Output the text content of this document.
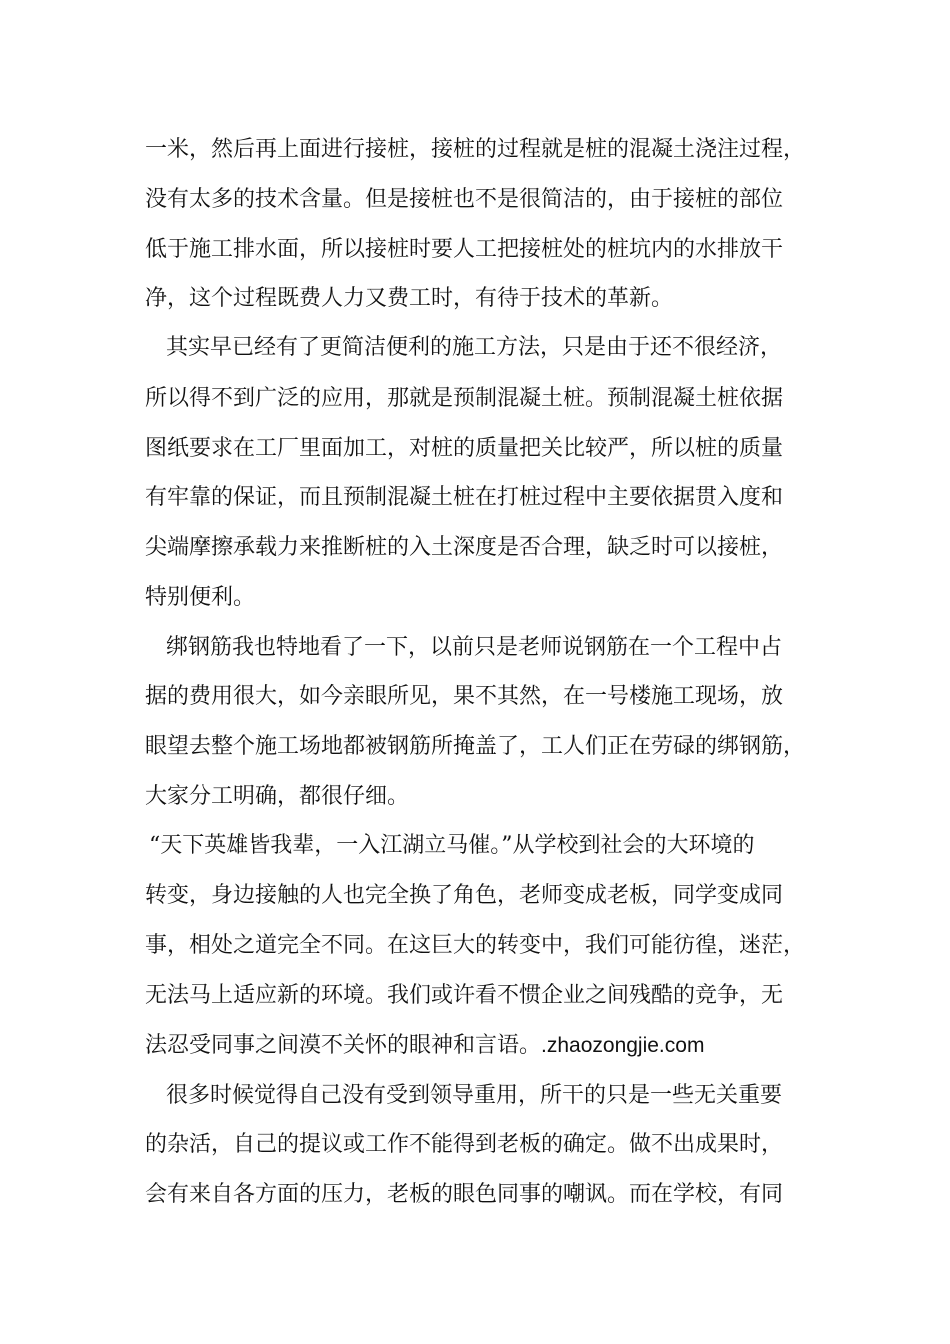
一米，然后再上面进行接桩，接桩的过程就是桩的混凝土浇注过程，
没有太多的技术含量。但是接桩也不是很简洁的，由于接桩的部位
低于施工排水面，所以接桩时要人工把接桩处的桩坑内的水排放干
净，这个过程既费人力又费工时，有待于技术的革新。
其实早已经有了更简洁便利的施工方法，只是由于还不很经济，
所以得不到广泛的应用，那就是预制混凝土桩。预制混凝土桩依据
图纸要求在工厂里面加工，对桩的质量把关比较严，所以桩的质量
有牢靠的保证，而且预制混凝土桩在打桩过程中主要依据贯入度和
尖端摩擦承载力来推断桩的入土深度是否合理，缺乏时可以接桩，
特别便利。
绑钢筋我也特地看了一下，以前只是老师说钢筋在一个工程中占
据的费用很大，如今亲眼所见，果不其然，在一号楼施工现场，放
眼望去整个施工场地都被钢筋所掩盖了，工人们正在劳碌的绑钢筋，
大家分工明确，都很仔细。
“天下英雄皆我辈，一入江湖立马催。”从学校到社会的大环境的
转变，身边接触的人也完全换了角色，老师变成老板，同学变成同
事，相处之道完全不同。在这巨大的转变中，我们可能彷徨，迷茫，
无法马上适应新的环境。我们或许看不惯企业之间残酷的竞争，无
法忍受同事之间漠不关怀的眼神和言语。.zhaozongjie.com
很多时候觉得自己没有受到领导重用，所干的只是一些无关重要
的杂活，自己的提议或工作不能得到老板的确定。做不出成果时，
会有来自各方面的压力，老板的眼色同事的嘲讽。而在学校，有同
